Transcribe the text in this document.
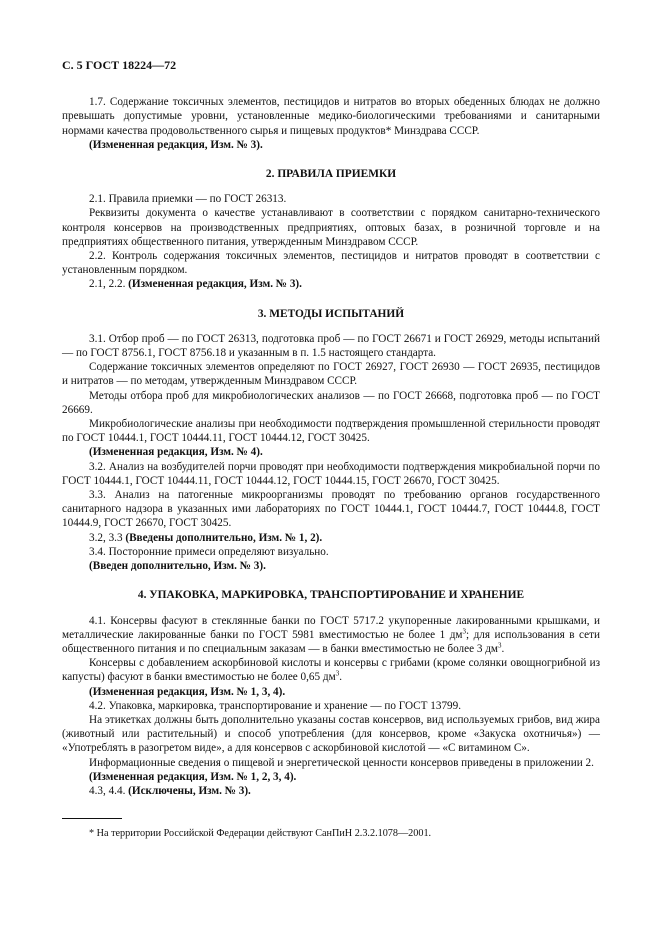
С. 5 ГОСТ 18224—72

1.7. Содержание токсичных элементов, пестицидов и нитратов во вторых обеденных блюдах не должно превышать допустимые уровни, установленные медико-биологическими требованиями и санитарными нормами качества продовольственного сырья и пищевых продуктов* Минздрава СССР.

(Измененная редакция, Изм. № 3).

2. ПРАВИЛА ПРИЕМКИ

2.1. Правила приемки — по ГОСТ 26313.

Реквизиты документа о качестве устанавливают в соответствии с порядком санитарно-технического контроля консервов на производственных предприятиях, оптовых базах, в розничной торговле и на предприятиях общественного питания, утвержденным Минздравом СССР.

2.2. Контроль содержания токсичных элементов, пестицидов и нитратов проводят в соответствии с установленным порядком.

2.1, 2.2. (Измененная редакция, Изм. № 3).

3. МЕТОДЫ ИСПЫТАНИЙ

3.1. Отбор проб — по ГОСТ 26313, подготовка проб — по ГОСТ 26671 и ГОСТ 26929, методы испытаний — по ГОСТ 8756.1, ГОСТ 8756.18 и указанным в п. 1.5 настоящего стандарта.

Содержание токсичных элементов определяют по ГОСТ 26927, ГОСТ 26930 — ГОСТ 26935, пестицидов и нитратов — по методам, утвержденным Минздравом СССР.

Методы отбора проб для микробиологических анализов — по ГОСТ 26668, подготовка проб — по ГОСТ 26669.

Микробиологические анализы при необходимости подтверждения промышленной стерильности проводят по ГОСТ 10444.1, ГОСТ 10444.11, ГОСТ 10444.12, ГОСТ 30425.

(Измененная редакция, Изм. № 4).

3.2. Анализ на возбудителей порчи проводят при необходимости подтверждения микробиальной порчи по ГОСТ 10444.1, ГОСТ 10444.11, ГОСТ 10444.12, ГОСТ 10444.15, ГОСТ 26670, ГОСТ 30425.

3.3. Анализ на патогенные микроорганизмы проводят по требованию органов государственного санитарного надзора в указанных ими лабораториях по ГОСТ 10444.1, ГОСТ 10444.7, ГОСТ 10444.8, ГОСТ 10444.9, ГОСТ 26670, ГОСТ 30425.

3.2, 3.3 (Введены дополнительно, Изм. № 1, 2).

3.4. Посторонние примеси определяют визуально.

(Введен дополнительно, Изм. № 3).

4. УПАКОВКА, МАРКИРОВКА, ТРАНСПОРТИРОВАНИЕ И ХРАНЕНИЕ

4.1. Консервы фасуют в стеклянные банки по ГОСТ 5717.2 укупоренные лакированными крышками, и металлические лакированные банки по ГОСТ 5981 вместимостью не более 1 $дм^3$; для использования в сети общественного питания и по специальным заказам — в банки вместимостью не более 3 $дм^3$.

Консервы с добавлением аскорбиновой кислоты и консервы с грибами (кроме солянки овощногрибной из капусты) фасуют в банки вместимостью не более 0,65 $дм^3$.

(Измененная редакция, Изм. № 1, 3, 4).

4.2. Упаковка, маркировка, транспортирование и хранение — по ГОСТ 13799.

На этикетках должны быть дополнительно указаны состав консервов, вид используемых грибов, вид жира (животный или растительный) и способ употребления (для консервов, кроме «Закуска охотничья») — «Употреблять в разогретом виде», а для консервов с аскорбиновой кислотой — «С витамином С».

Информационные сведения о пищевой и энергетической ценности консервов приведены в приложении 2.

(Измененная редакция, Изм. № 1, 2, 3, 4).

4.3, 4.4. (Исключены, Изм. № 3).

* На территории Российской Федерации действуют СанПиН 2.3.2.1078—2001.
